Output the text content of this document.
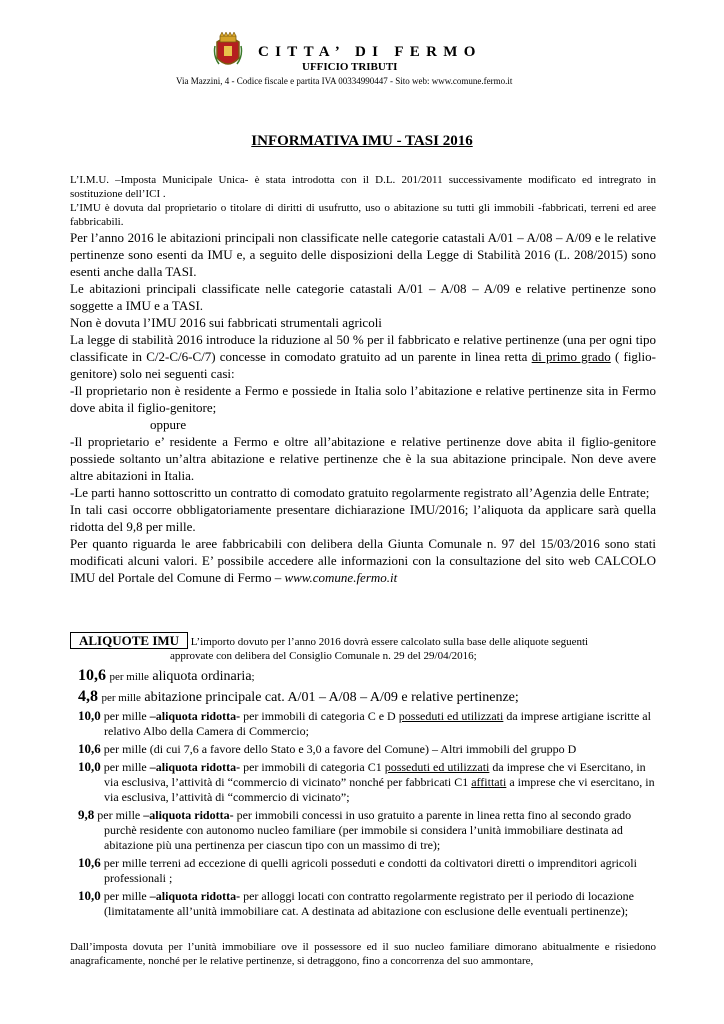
CITTA’ DI FERMO
UFFICIO TRIBUTI
Via Mazzini, 4 - Codice fiscale e partita IVA 00334990447 - Sito web: www.comune.fermo.it
INFORMATIVA IMU - TASI 2016

L’I.M.U. –Imposta Municipale Unica- è stata introdotta con il D.L. 201/2011 successivamente modificato ed intregrato in sostituzione dell’ICI .

L’IMU è dovuta dal proprietario o titolare di diritti di usufrutto, uso o abitazione su tutti gli immobili -fabbricati, terreni ed aree fabbricabili.

Per l’anno 2016 le abitazioni principali non classificate nelle categorie catastali A/01 – A/08 – A/09 e le relative pertinenze sono esenti da IMU e, a seguito delle disposizioni della Legge di Stabilità 2016 (L. 208/2015) sono esenti anche dalla TASI.

Le abitazioni principali classificate nelle categorie catastali A/01 – A/08 – A/09 e relative pertinenze sono soggette a IMU e a TASI.

Non è dovuta l’IMU 2016 sui fabbricati strumentali agricoli

La legge di stabilità 2016 introduce la riduzione al 50 % per il fabbricato e relative pertinenze (una per ogni tipo classificate in C/2-C/6-C/7) concesse in comodato gratuito ad un parente in linea retta di primo grado ( figlio-genitore) solo nei seguenti casi:

-Il proprietario non è residente a Fermo e possiede in Italia solo l’abitazione e relative pertinenze sita in Fermo dove abita il figlio-genitore;

oppure

-Il proprietario e’ residente a Fermo e oltre all’abitazione e relative pertinenze dove abita il figlio-genitore possiede soltanto un’altra abitazione e relative pertinenze che è la sua abitazione principale. Non deve avere altre abitazioni in Italia.

-Le parti hanno sottoscritto un contratto di comodato gratuito regolarmente registrato all’Agenzia delle Entrate;

In tali casi occorre obbligatoriamente presentare dichiarazione IMU/2016; l’aliquota da applicare sarà quella ridotta del 9,8 per mille.

Per quanto riguarda le aree fabbricabili con delibera della Giunta Comunale n. 97 del 15/03/2016 sono stati modificati alcuni valori. E’ possibile accedere alle informazioni con la consultazione del sito web CALCOLO IMU del Portale del Comune di Fermo – www.comune.fermo.it

ALIQUOTE IMU L’importo dovuto per l’anno 2016 dovrà essere calcolato sulla base delle aliquote seguenti
approvate con delibera del Consiglio Comunale n. 29 del 29/04/2016;
10,6 per mille aliquota ordinaria;
4,8 per mille abitazione principale cat. A/01 – A/08 – A/09 e relative pertinenze;
10,0 per mille –aliquota ridotta- per immobili di categoria C e D posseduti ed utilizzati da imprese artigiane iscritte al relativo Albo della Camera di Commercio;
10,6 per mille (di cui 7,6 a favore dello Stato e 3,0 a favore del Comune) – Altri immobili del gruppo D
10,0 per mille –aliquota ridotta- per immobili di categoria C1 posseduti ed utilizzati da imprese che vi Esercitano, in via esclusiva, l’attività di “commercio di vicinato” nonché per fabbricati C1 affittati a imprese che vi esercitano, in via esclusiva, l’attività di “commercio di vicinato”;
9,8 per mille –aliquota ridotta- per immobili concessi in uso gratuito a parente in linea retta fino al secondo grado purchè residente con autonomo nucleo familiare (per immobile si considera l’unità immobiliare destinata ad abitazione più una pertinenza per ciascun tipo con un massimo di tre);
10,6 per mille terreni ad eccezione di quelli agricoli posseduti e condotti da coltivatori diretti o imprenditori agricoli professionali ;
10,0 per mille –aliquota ridotta- per alloggi locati con contratto regolarmente registrato per il periodo di locazione (limitatamente all’unità immobiliare cat. A destinata ad abitazione con esclusione delle eventuali pertinenze);
Dall’imposta dovuta per l’unità immobiliare ove il possessore ed il suo nucleo familiare dimorano abitualmente e risiedono anagraficamente, nonché per le relative pertinenze, si detraggono, fino a concorrenza del suo ammontare,
